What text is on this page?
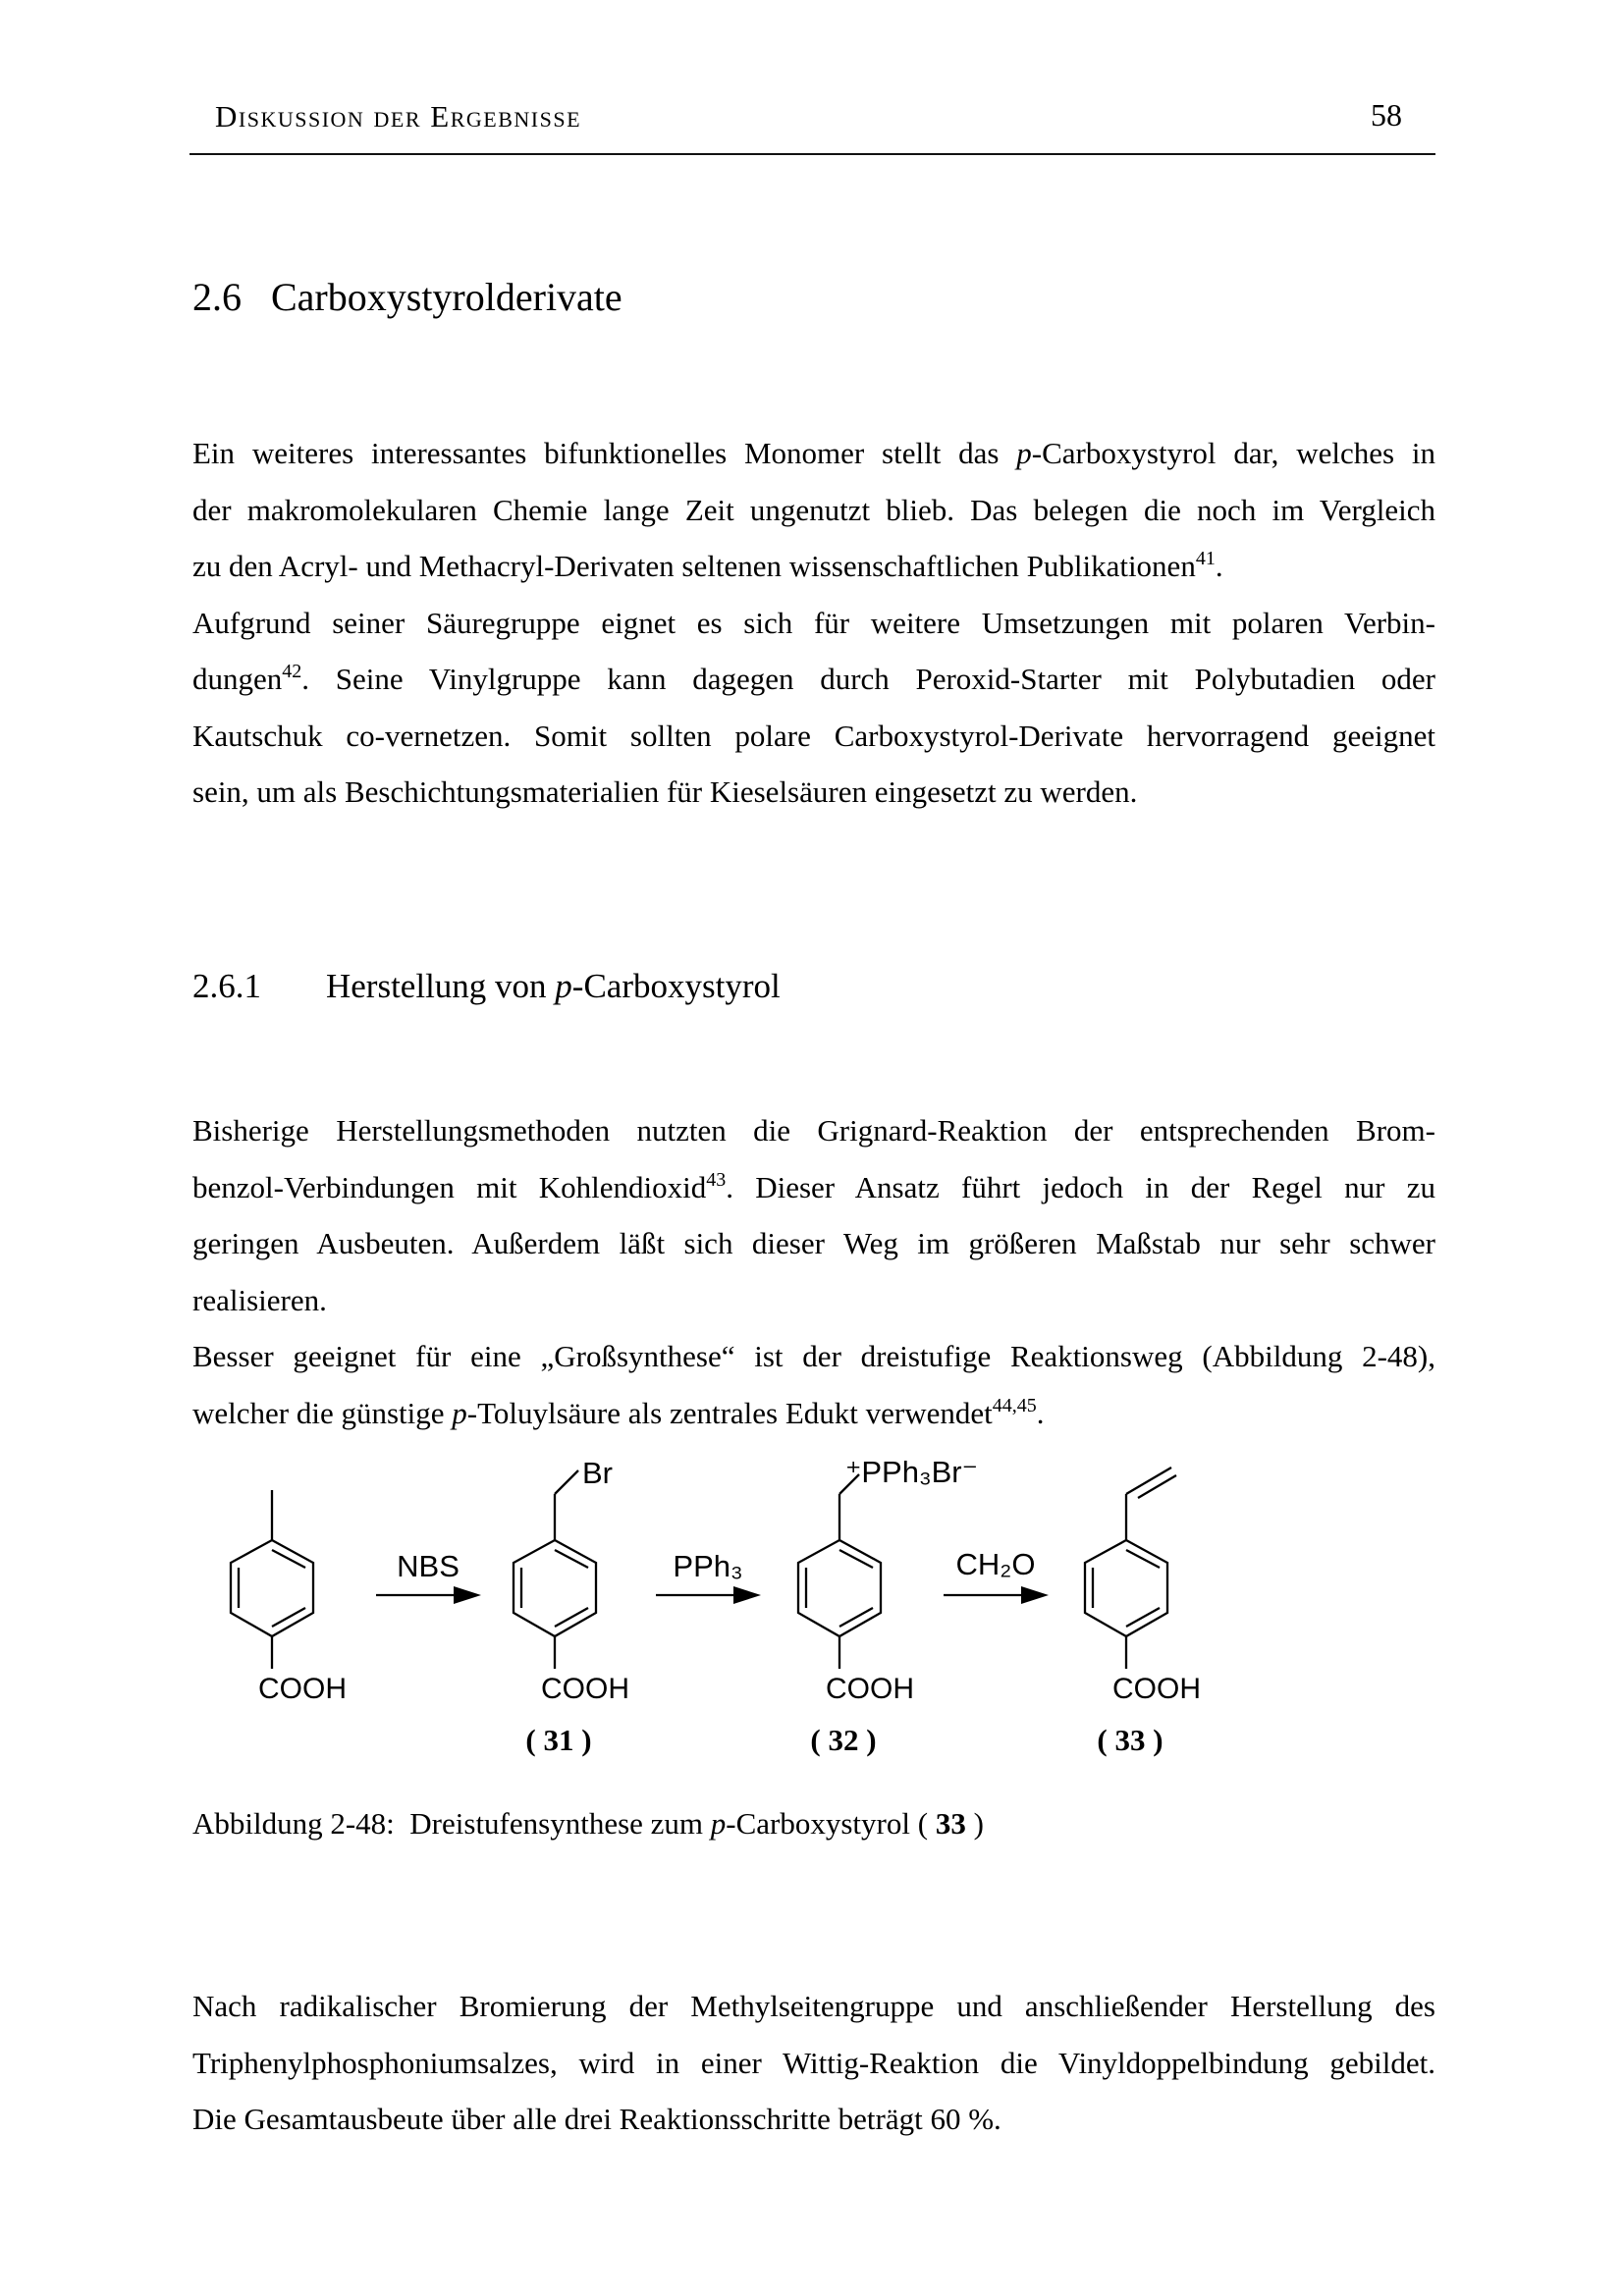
Diskussion der Ergebnisse	58
2.6 Carboxystyrolderivate
Ein weiteres interessantes bifunktionelles Monomer stellt das p-Carboxystyrol dar, welches in
der makromolekularen Chemie lange Zeit ungenutzt blieb. Das belegen die noch im Vergleich
zu den Acryl- und Methacryl-Derivaten seltenen wissenschaftlichen Publikationen$^{41}$.
Aufgrund seiner Säuregruppe eignet es sich für weitere Umsetzungen mit polaren Verbin-
dungen$^{42}$. Seine Vinylgruppe kann dagegen durch Peroxid-Starter mit Polybutadien oder
Kautschuk co-vernetzen. Somit sollten polare Carboxystyrol-Derivate hervorragend geeignet
sein, um als Beschichtungsmaterialien für Kieselsäuren eingesetzt zu werden.
2.6.1 Herstellung von p-Carboxystyrol
Bisherige Herstellungsmethoden nutzten die Grignard-Reaktion der entsprechenden Brom-
benzol-Verbindungen mit Kohlendioxid$^{43}$. Dieser Ansatz führt jedoch in der Regel nur zu
geringen Ausbeuten. Außerdem läßt sich dieser Weg im größeren Maßstab nur sehr schwer
realisieren.
Besser geeignet für eine „Großsynthese“ ist der dreistufige Reaktionsweg (Abbildung 2-48),
welcher die günstige p-Toluylsäure als zentrales Edukt verwendet$^{44,45}$.
COOH
NBS
Br
COOH
( 31 )
PPh₃
⁺PPh₃Br⁻
COOH
( 32 )
CH₂O
COOH
( 33 )
Abbildung 2-48:  Dreistufensynthese zum p-Carboxystyrol ( 33 )
Nach radikalischer Bromierung der Methylseitengruppe und anschließender Herstellung des
Triphenylphosphoniumsalzes, wird in einer Wittig-Reaktion die Vinyldoppelbindung gebildet.
Die Gesamtausbeute über alle drei Reaktionsschritte beträgt 60 %.
